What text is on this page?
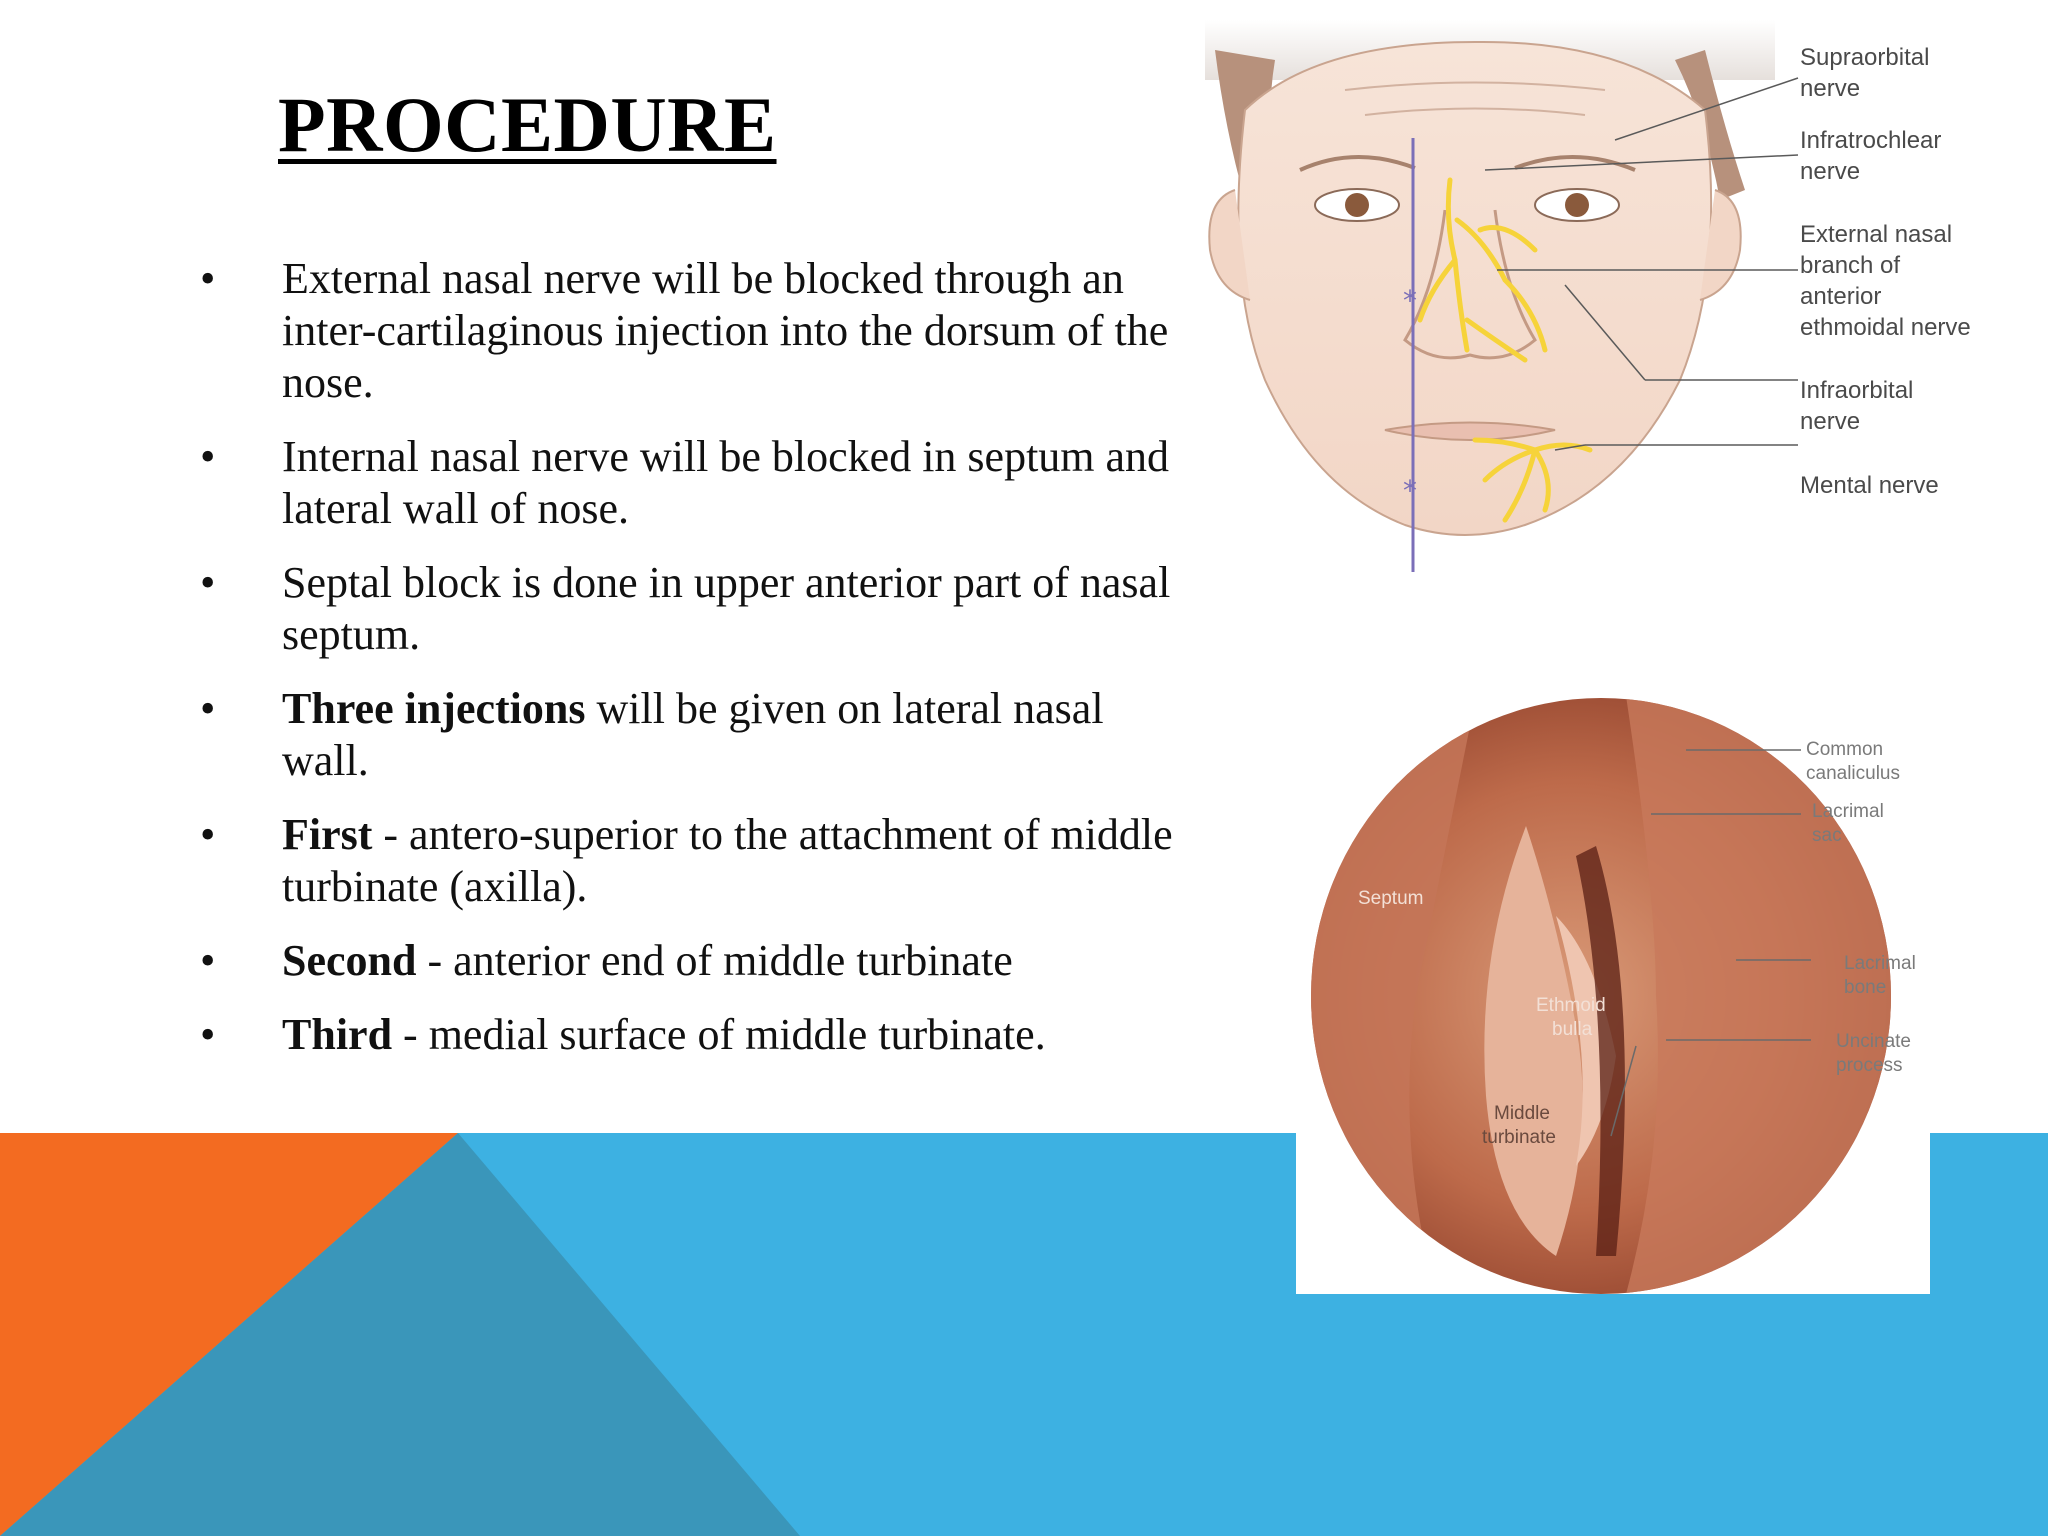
PROCEDURE
• External nasal nerve will be blocked through an inter-cartilaginous injection into the dorsum of the nose.
• Internal nasal nerve will be blocked in septum and lateral wall of nose.
• Septal block is done in upper anterior part of nasal septum.
• Three injections will be given on lateral nasal wall.
• First - antero-superior to the attachment of middle turbinate (axilla).
• Second - anterior end of middle turbinate
• Third - medial surface of middle turbinate.
*
*
Supraorbital nerve
Infratrochlear nerve
External nasal branch of anterior ethmoidal nerve
Infraorbital nerve
Mental nerve
Common canaliculus
Lacrimal sac
Septum
Lacrimal bone
Ethmoid bulla
Uncinate process
Middle turbinate
